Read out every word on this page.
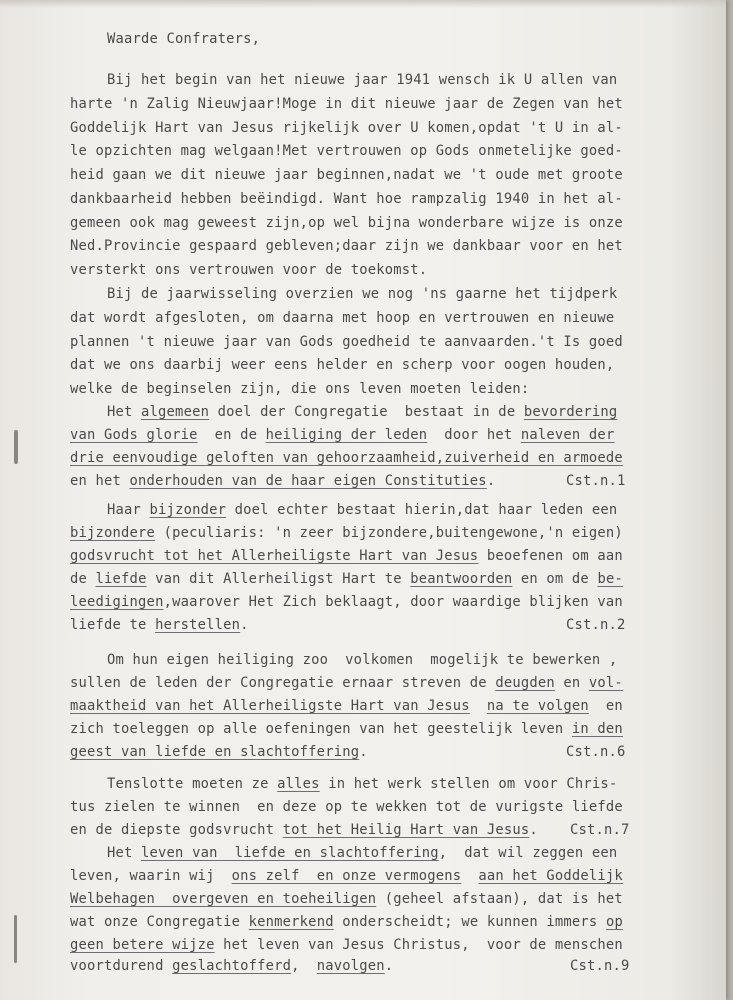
Waarde Confraters,
Bij het begin van het nieuwe jaar 1941 wensch ik U allen van
harte 'n Zalig Nieuwjaar!Moge in dit nieuwe jaar de Zegen van het
Goddelijk Hart van Jesus rijkelijk over U komen,opdat 't U in al-
le opzichten mag welgaan!Met vertrouwen op Gods onmetelijke goed-
heid gaan we dit nieuwe jaar beginnen,nadat we 't oude met groote
dankbaarheid hebben beëindigd. Want hoe rampzalig 1940 in het al-
gemeen ook mag geweest zijn,op wel bijna wonderbare wijze is onze
Ned.Provincie gespaard gebleven;daar zijn we dankbaar voor en het
versterkt ons vertrouwen voor de toekomst.
Bij de jaarwisseling overzien we nog 'ns gaarne het tijdperk
dat wordt afgesloten, om daarna met hoop en vertrouwen en nieuwe
plannen 't nieuwe jaar van Gods goedheid te aanvaarden.'t Is goed
dat we ons daarbij weer eens helder en scherp voor oogen houden,
welke de beginselen zijn, die ons leven moeten leiden:
Het algemeen doel der Congregatie  bestaat in de bevordering
van Gods glorie  en de heiliging der leden  door het naleven der
drie eenvoudige geloften van gehoorzaamheid,zuiverheid en armoede
en het onderhouden van de haar eigen Constituties.	Cst.n.1
Haar bijzonder doel echter bestaat hierin,dat haar leden een
bijzondere (peculiaris: 'n zeer bijzondere,buitengewone,'n eigen)
godsvrucht tot het Allerheiligste Hart van Jesus beoefenen om aan
de liefde van dit Allerheiligst Hart te beantwoorden en om de be-
leedigingen,waarover Het Zich beklaagt, door waardige blijken van
liefde te herstellen.	Cst.n.2
Om hun eigen heiliging zoo  volkomen  mogelijk te bewerken ,
sullen de leden der Congregatie ernaar streven de deugden en vol-
maaktheid van het Allerheiligste Hart van Jesus na te volgen  en
zich toeleggen op alle oefeningen van het geestelijk leven in den
geest van liefde en slachtoffering.	Cst.n.6
Tenslotte moeten ze alles in het werk stellen om voor Chris-
tus zielen te winnen  en deze op te wekken tot de vurigste liefde
en de diepste godsvrucht tot het Heilig Hart van Jesus. Cst.n.7
Het leven van  liefde en slachtoffering,  dat wil zeggen een
leven, waarin wij  ons zelf  en onze vermogens aan het Goddelijk
Welbehagen  overgeven en toeheiligen (geheel afstaan), dat is het
wat onze Congregatie kenmerkend onderscheidt; we kunnen immers op
geen betere wijze het leven van Jesus Christus,  voor de menschen
voortdurend geslachtofferd,  navolgen.	Cst.n.9
